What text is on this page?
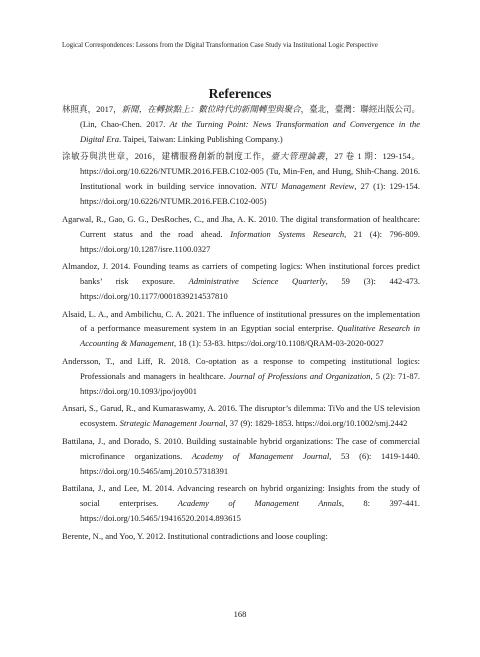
Logical Correspondences: Lessons from the Digital Transformation Case Study via Institutional Logic Perspective
References

林照真，2017，新聞，在轉捩點上：數位時代的新聞轉型與聚合，臺北，臺灣：聯經出版公司。(Lin, Chao-Chen. 2017. At the Turning Point: News Transformation and Convergence in the Digital Era. Taipei, Taiwan: Linking Publishing Company.)

涂敏芬與洪世章，2016，建構服務創新的制度工作，臺大管理論叢，27 卷 1 期：129-154。https://doi.org/10.6226/NTUMR.2016.FEB.C102-005 (Tu, Min-Fen, and Hung, Shih-Chang. 2016. Institutional work in building service innovation. NTU Management Review, 27 (1): 129-154. https://doi.org/10.6226/NTUMR.2016.FEB.C102-005)

Agarwal, R., Gao, G. G., DesRoches, C., and Jha, A. K. 2010. The digital transformation of healthcare: Current status and the road ahead. Information Systems Research, 21 (4): 796-809. https://doi.org/10.1287/isre.1100.0327

Almandoz, J. 2014. Founding teams as carriers of competing logics: When institutional forces predict banks’ risk exposure. Administrative Science Quarterly, 59 (3): 442-473. https://doi.org/10.1177/0001839214537810

Alsaid, L. A., and Ambilichu, C. A. 2021. The influence of institutional pressures on the implementation of a performance measurement system in an Egyptian social enterprise. Qualitative Research in Accounting & Management, 18 (1): 53-83. https://doi.org/10.1108/QRAM-03-2020-0027

Andersson, T., and Liff, R. 2018. Co-optation as a response to competing institutional logics: Professionals and managers in healthcare. Journal of Professions and Organization, 5 (2): 71-87. https://doi.org/10.1093/jpo/joy001

Ansari, S., Garud, R., and Kumaraswamy, A. 2016. The disruptor’s dilemma: TiVo and the US television ecosystem. Strategic Management Journal, 37 (9): 1829-1853. https://doi.org/10.1002/smj.2442

Battilana, J., and Dorado, S. 2010. Building sustainable hybrid organizations: The case of commercial microfinance organizations. Academy of Management Journal, 53 (6): 1419-1440. https://doi.org/10.5465/amj.2010.57318391

Battilana, J., and Lee, M. 2014. Advancing research on hybrid organizing: Insights from the study of social enterprises. Academy of Management Annals, 8: 397-441. https://doi.org/10.5465/19416520.2014.893615

Berente, N., and Yoo, Y. 2012. Institutional contradictions and loose coupling:

168
